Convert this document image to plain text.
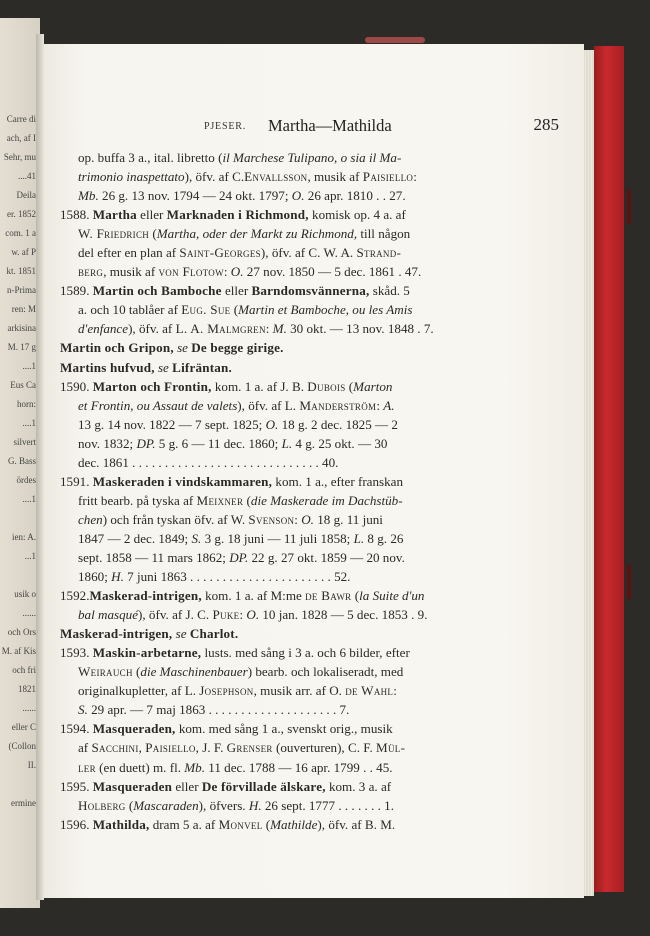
Carre di
ach, af I
Sehr, mu
....41
Deila
er. 1852
com. 1 a
w. af P
kt. 1851
n-Prima
ren: M
arkisina
M. 17 g
....1
Eus Ca
horn:
....1
silvert
G. Bass
ördes
....1
ien: A.
...1
usik o
......
och Ors
M. af Kis
och fri
1821
......
eller C
(Collon
II.
ermine
PJESER. Martha—Mathilda	285

op. buffa 3 a., ital. libretto (il Marchese Tulipano, o sia il Ma-
trimonio inaspettato), öfv. af C.Envallsson, musik af Paisiello:
Mb. 26 g. 13 nov. 1794 — 24 okt. 1797; O. 26 apr. 1810 . . 27.

1588. Martha eller Marknaden i Richmond, komisk op. 4 a. af
W. Friedrich (Martha, oder der Markt zu Richmond, till någon
del efter en plan af Saint-Georges), öfv. af C. W. A. Strand-
berg, musik af von Flotow: O. 27 nov. 1850 — 5 dec. 1861 . 47.

1589. Martin och Bamboche eller Barndomsvännerna, skåd. 5
a. och 10 tablåer af Eug. Sue (Martin et Bamboche, ou les Amis
d'enfance), öfv. af L. A. Malmgren: M. 30 okt. — 13 nov. 1848 . 7.

Martin och Gripon, se De begge girige.

Martins hufvud, se Lifräntan.

1590. Marton och Frontin, kom. 1 a. af J. B. Dubois (Marton
et Frontin, ou Assaut de valets), öfv. af L. Manderström: A.
13 g. 14 nov. 1822 — 7 sept. 1825; O. 18 g. 2 dec. 1825 — 2
nov. 1832; DP. 5 g. 6 — 11 dec. 1860; L. 4 g. 25 okt. — 30
dec. 1861 . . . . . . . . . . . . . . . . . . . . . . . . . . . . . 40.

1591. Maskeraden i vindskammaren, kom. 1 a., efter franskan
fritt bearb. på tyska af Meixner (die Maskerade im Dachstüb-
chen) och från tyskan öfv. af W. Svenson: O. 18 g. 11 juni
1847 — 2 dec. 1849; S. 3 g. 18 juni — 11 juli 1858; L. 8 g. 26
sept. 1858 — 11 mars 1862; DP. 22 g. 27 okt. 1859 — 20 nov.
1860; H. 7 juni 1863 . . . . . . . . . . . . . . . . . . . . . . 52.

1592.Maskerad-intrigen, kom. 1 a. af M:me de Bawr (la Suite d'un
bal masqué), öfv. af J. C. Puke: O. 10 jan. 1828 — 5 dec. 1853 . 9.

Maskerad-intrigen, se Charlot.

1593. Maskin-arbetarne, lusts. med sång i 3 a. och 6 bilder, efter
Weirauch (die Maschinenbauer) bearb. och lokaliseradt, med
originalkupletter, af L. Josephson, musik arr. af O. de Wahl:
S. 29 apr. — 7 maj 1863 . . . . . . . . . . . . . . . . . . . . 7.

1594. Masqueraden, kom. med sång 1 a., svenskt orig., musik
af Sacchini, Paisiello, J. F. Grenser (ouverturen), C. F. Mül-
ler (en duett) m. fl. Mb. 11 dec. 1788 — 16 apr. 1799 . . 45.

1595. Masqueraden eller De förvillade älskare, kom. 3 a. af
Holberg (Mascaraden), öfvers. H. 26 sept. 1777 . . . . . . . 1.

1596. Mathilda, dram 5 a. af Monvel (Mathilde), öfv. af B. M.
